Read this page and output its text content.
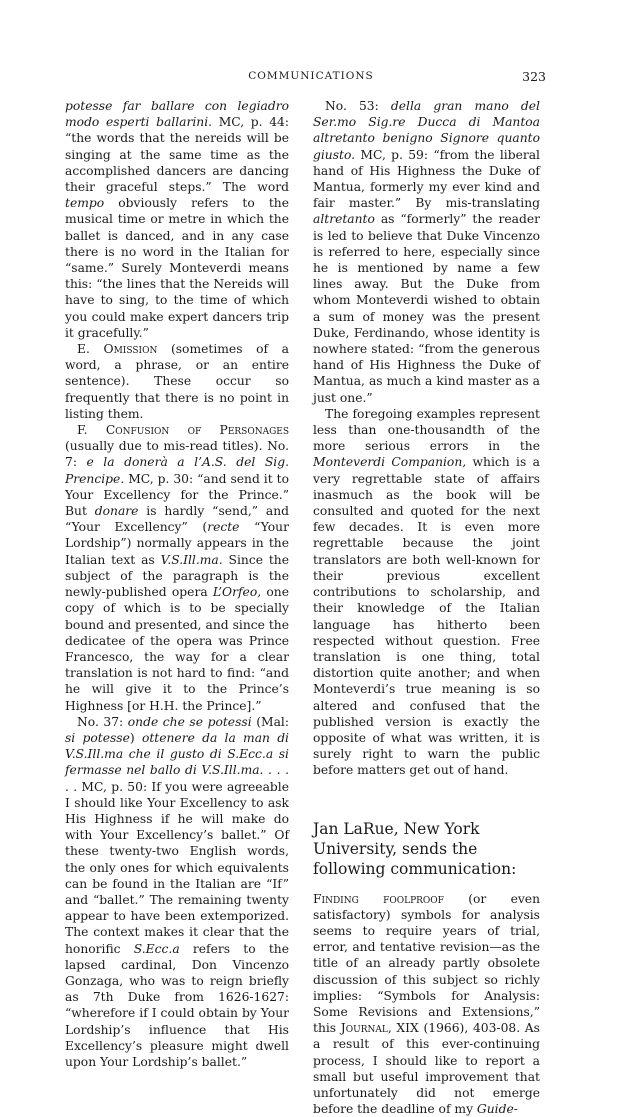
COMMUNICATIONS	323

potesse far ballare con legiadro modo esperti ballarini. MC, p. 44: “the words that the nereids will be singing at the same time as the accomplished dancers are dancing their graceful steps.” The word tempo obviously refers to the musical time or metre in which the ballet is danced, and in any case there is no word in the Italian for “same.” Surely Monteverdi means this: “the lines that the Nereids will have to sing, to the time of which you could make expert dancers trip it gracefully.”

E. Omission (sometimes of a word, a phrase, or an entire sentence). These occur so frequently that there is no point in listing them.

F. Confusion of Personages (usually due to mis-read titles). No. 7: e la donerà a l’A.S. del Sig. Prencipe. MC, p. 30: “and send it to Your Excellency for the Prince.” But donare is hardly “send,” and “Your Excellency” (recte “Your Lordship”) normally appears in the Italian text as V.S.Ill.ma. Since the subject of the paragraph is the newly-published opera L’Orfeo, one copy of which is to be specially bound and presented, and since the dedicatee of the opera was Prince Francesco, the way for a clear translation is not hard to find: “and he will give it to the Prince’s Highness [or H.H. the Prince].”

No. 37: onde che se potessi (Mal: si potesse) ottenere da la man di V.S.Ill.ma che il gusto di S.Ecc.a si fermasse nel ballo di V.S.Ill.ma. . . . . . MC, p. 50: If you were agreeable I should like Your Excellency to ask His Highness if he will make do with Your Excellency’s ballet.” Of these twenty-two English words, the only ones for which equivalents can be found in the Italian are “If” and “ballet.” The remaining twenty appear to have been extemporized. The context makes it clear that the honorific S.Ecc.a refers to the lapsed cardinal, Don Vincenzo Gonzaga, who was to reign briefly as 7th Duke from 1626-1627: “wherefore if I could obtain by Your Lordship’s influence that His Excellency’s pleasure might dwell upon Your Lordship’s ballet.”

No. 53: della gran mano del Ser.mo Sig.re Ducca di Mantoa altretanto benigno Signore quanto giusto. MC, p. 59: “from the liberal hand of His Highness the Duke of Mantua, formerly my ever kind and fair master.” By mis-translating altretanto as “formerly” the reader is led to believe that Duke Vincenzo is referred to here, especially since he is mentioned by name a few lines away. But the Duke from whom Monteverdi wished to obtain a sum of money was the present Duke, Ferdinando, whose identity is nowhere stated: “from the generous hand of His Highness the Duke of Mantua, as much a kind master as a just one.”

The foregoing examples represent less than one-thousandth of the more serious errors in the Monteverdi Companion, which is a very regrettable state of affairs inasmuch as the book will be consulted and quoted for the next few decades. It is even more regrettable because the joint translators are both well-known for their previous excellent contributions to scholarship, and their knowledge of the Italian language has hitherto been respected without question. Free translation is one thing, total distortion quite another; and when Monteverdi’s true meaning is so altered and confused that the published version is exactly the opposite of what was written, it is surely right to warn the public before matters get out of hand.

Jan LaRue, New York University, sends the following communication:

Finding foolproof (or even satisfactory) symbols for analysis seems to require years of trial, error, and tentative revision—as the title of an already partly obsolete discussion of this subject so richly implies: “Symbols for Analysis: Some Revisions and Extensions,” this Journal, XIX (1966), 403-08. As a result of this ever-continuing process, I should like to report a small but useful improvement that unfortunately did not emerge before the deadline of my Guide-
